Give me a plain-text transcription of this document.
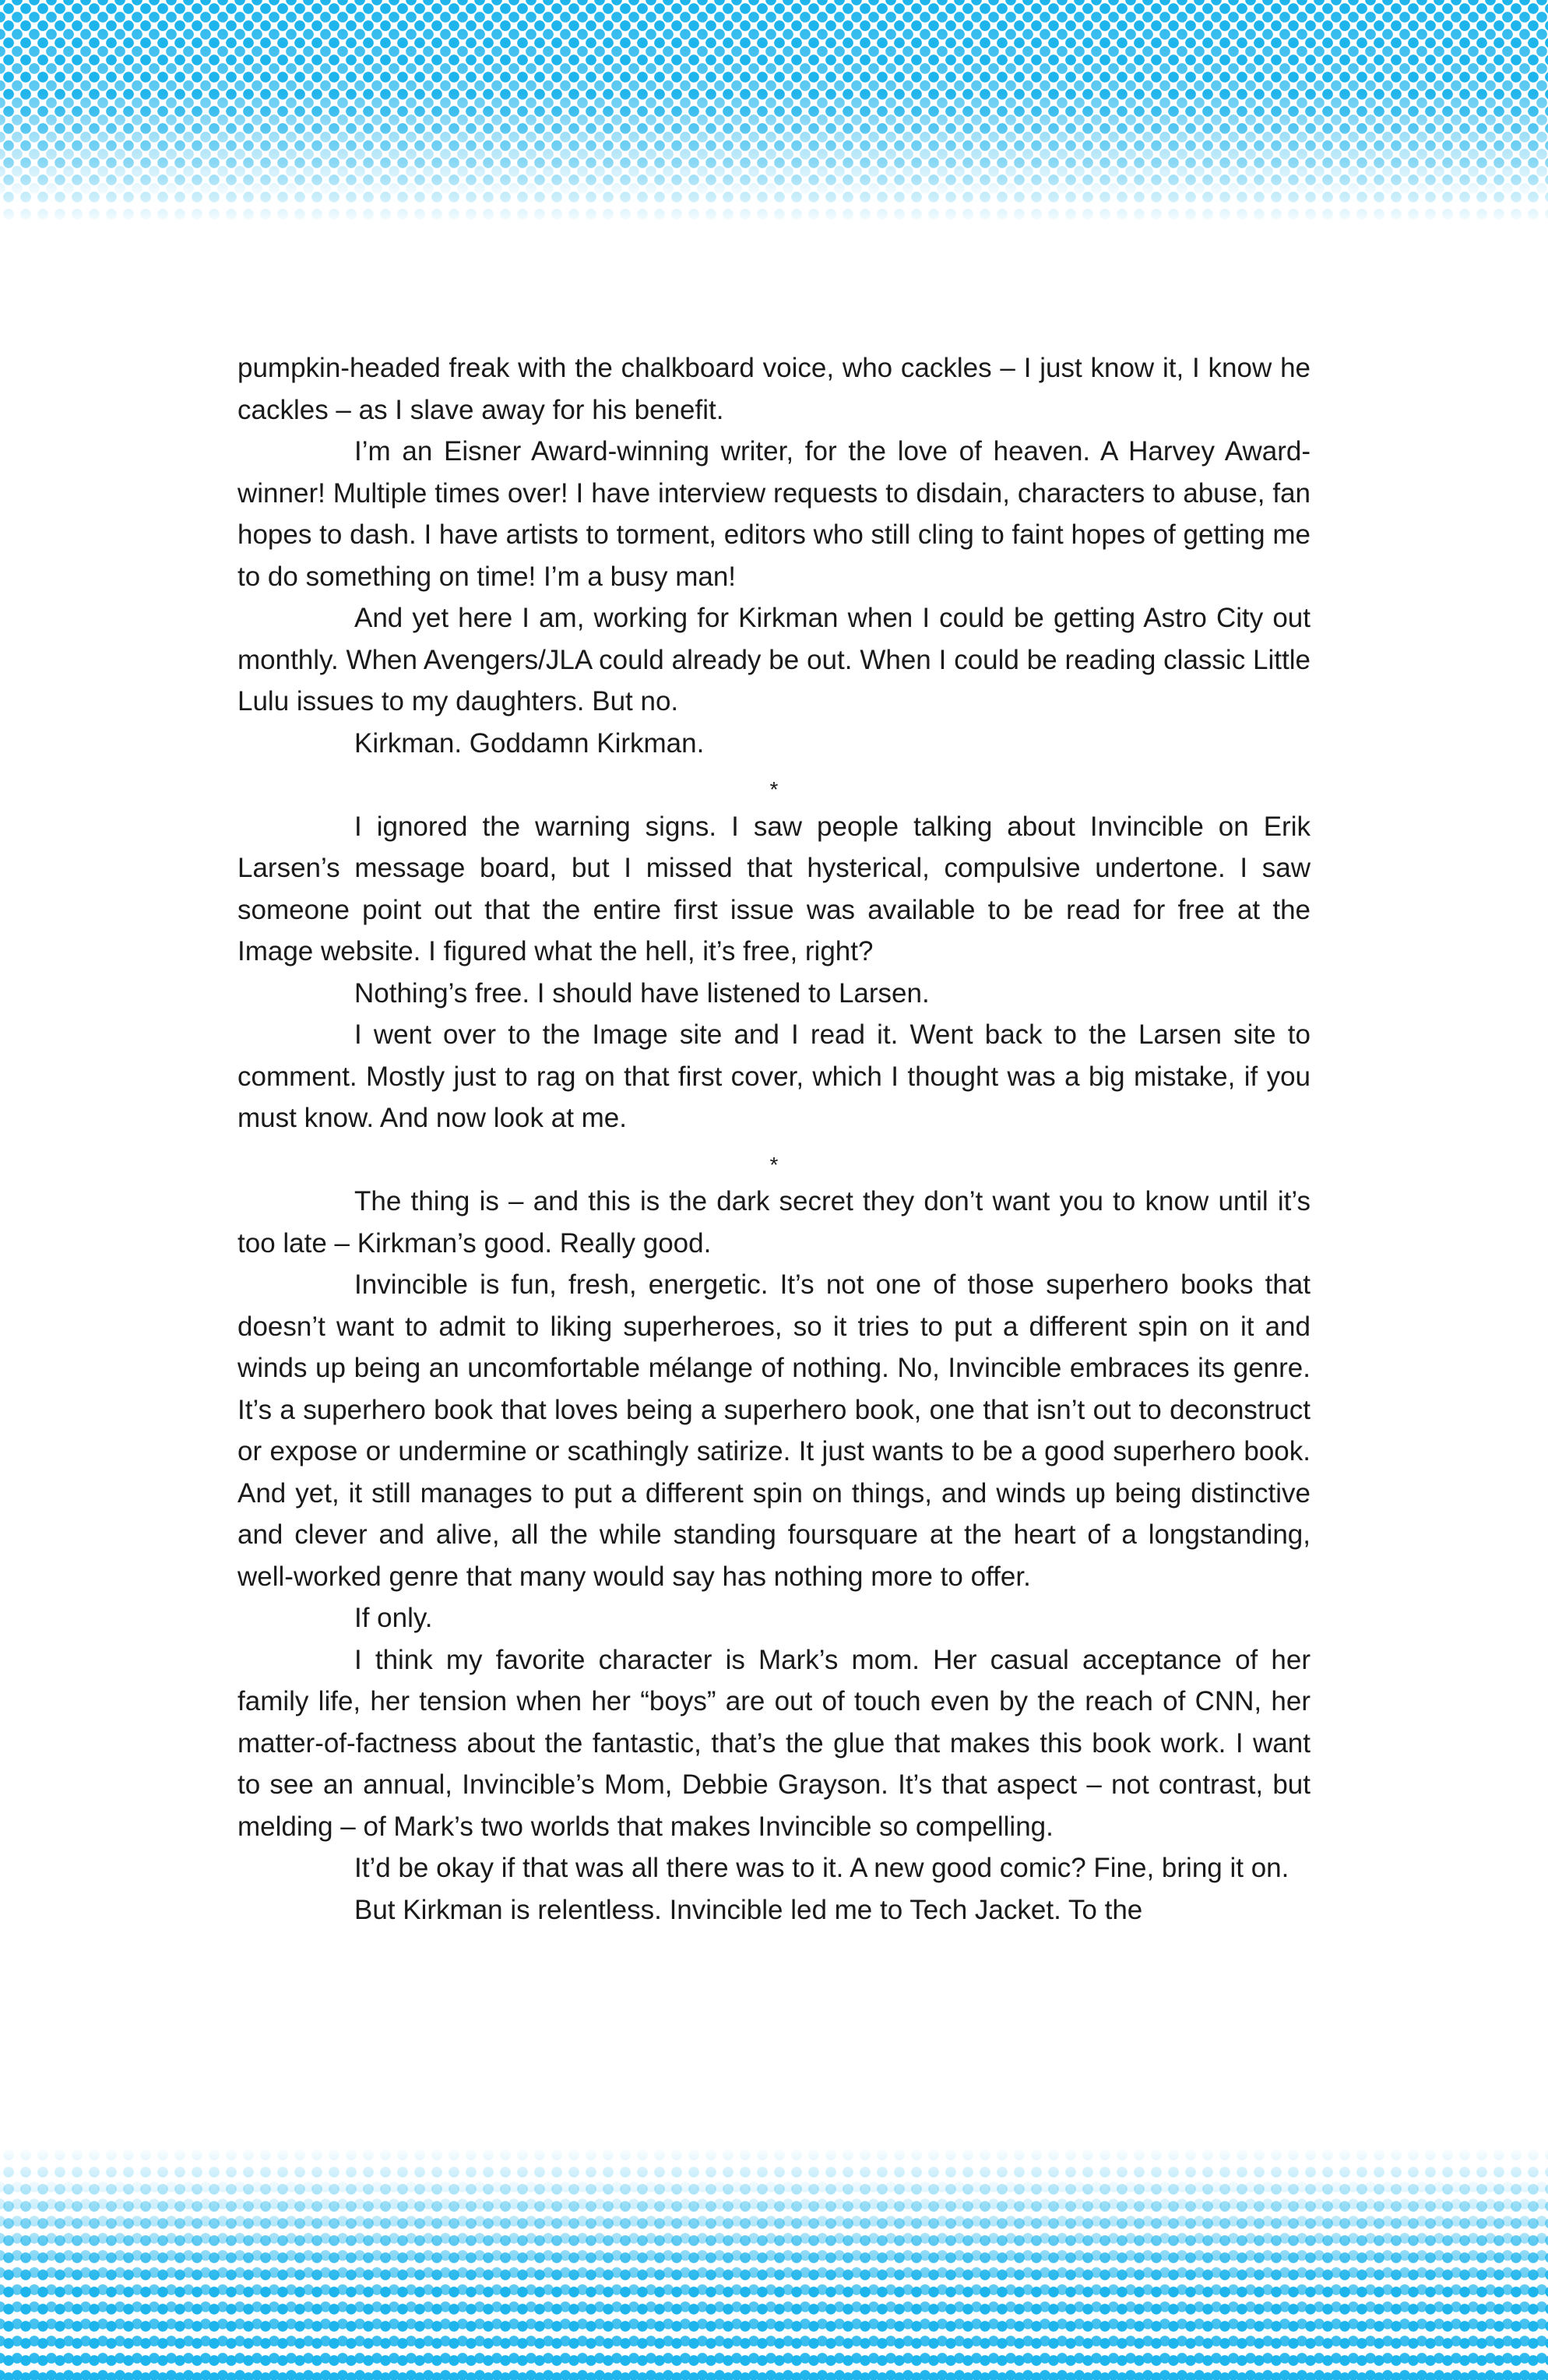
pumpkin-headed freak with the chalkboard voice, who cackles – I just know it, I know he cackles – as I slave away for his benefit.

I’m an Eisner Award-winning writer, for the love of heaven. A Harvey Award-winner! Multiple times over! I have interview requests to disdain, characters to abuse, fan hopes to dash. I have artists to torment, editors who still cling to faint hopes of getting me to do something on time! I’m a busy man!

And yet here I am, working for Kirkman when I could be getting Astro City out monthly. When Avengers/JLA could already be out. When I could be reading classic Little Lulu issues to my daughters. But no.

Kirkman. Goddamn Kirkman.

*

I ignored the warning signs. I saw people talking about Invincible on Erik Larsen’s message board, but I missed that hysterical, compulsive undertone. I saw someone point out that the entire first issue was available to be read for free at the Image website. I figured what the hell, it’s free, right?

Nothing’s free. I should have listened to Larsen.

I went over to the Image site and I read it. Went back to the Larsen site to comment. Mostly just to rag on that first cover, which I thought was a big mistake, if you must know. And now look at me.

*

The thing is – and this is the dark secret they don’t want you to know until it’s too late – Kirkman’s good. Really good.

Invincible is fun, fresh, energetic. It’s not one of those superhero books that doesn’t want to admit to liking superheroes, so it tries to put a different spin on it and winds up being an uncomfortable mélange of nothing. No, Invincible embraces its genre. It’s a superhero book that loves being a superhero book, one that isn’t out to deconstruct or expose or undermine or scathingly satirize. It just wants to be a good superhero book. And yet, it still manages to put a different spin on things, and winds up being distinctive and clever and alive, all the while standing foursquare at the heart of a longstanding, well-worked genre that many would say has nothing more to offer.

If only.

I think my favorite character is Mark’s mom. Her casual acceptance of her family life, her tension when her “boys” are out of touch even by the reach of CNN, her matter-of-factness about the fantastic, that’s the glue that makes this book work. I want to see an annual, Invincible’s Mom, Debbie Grayson. It’s that aspect – not contrast, but melding – of Mark’s two worlds that makes Invincible so compelling.

It’d be okay if that was all there was to it. A new good comic? Fine, bring it on.

But Kirkman is relentless. Invincible led me to Tech Jacket. To the
